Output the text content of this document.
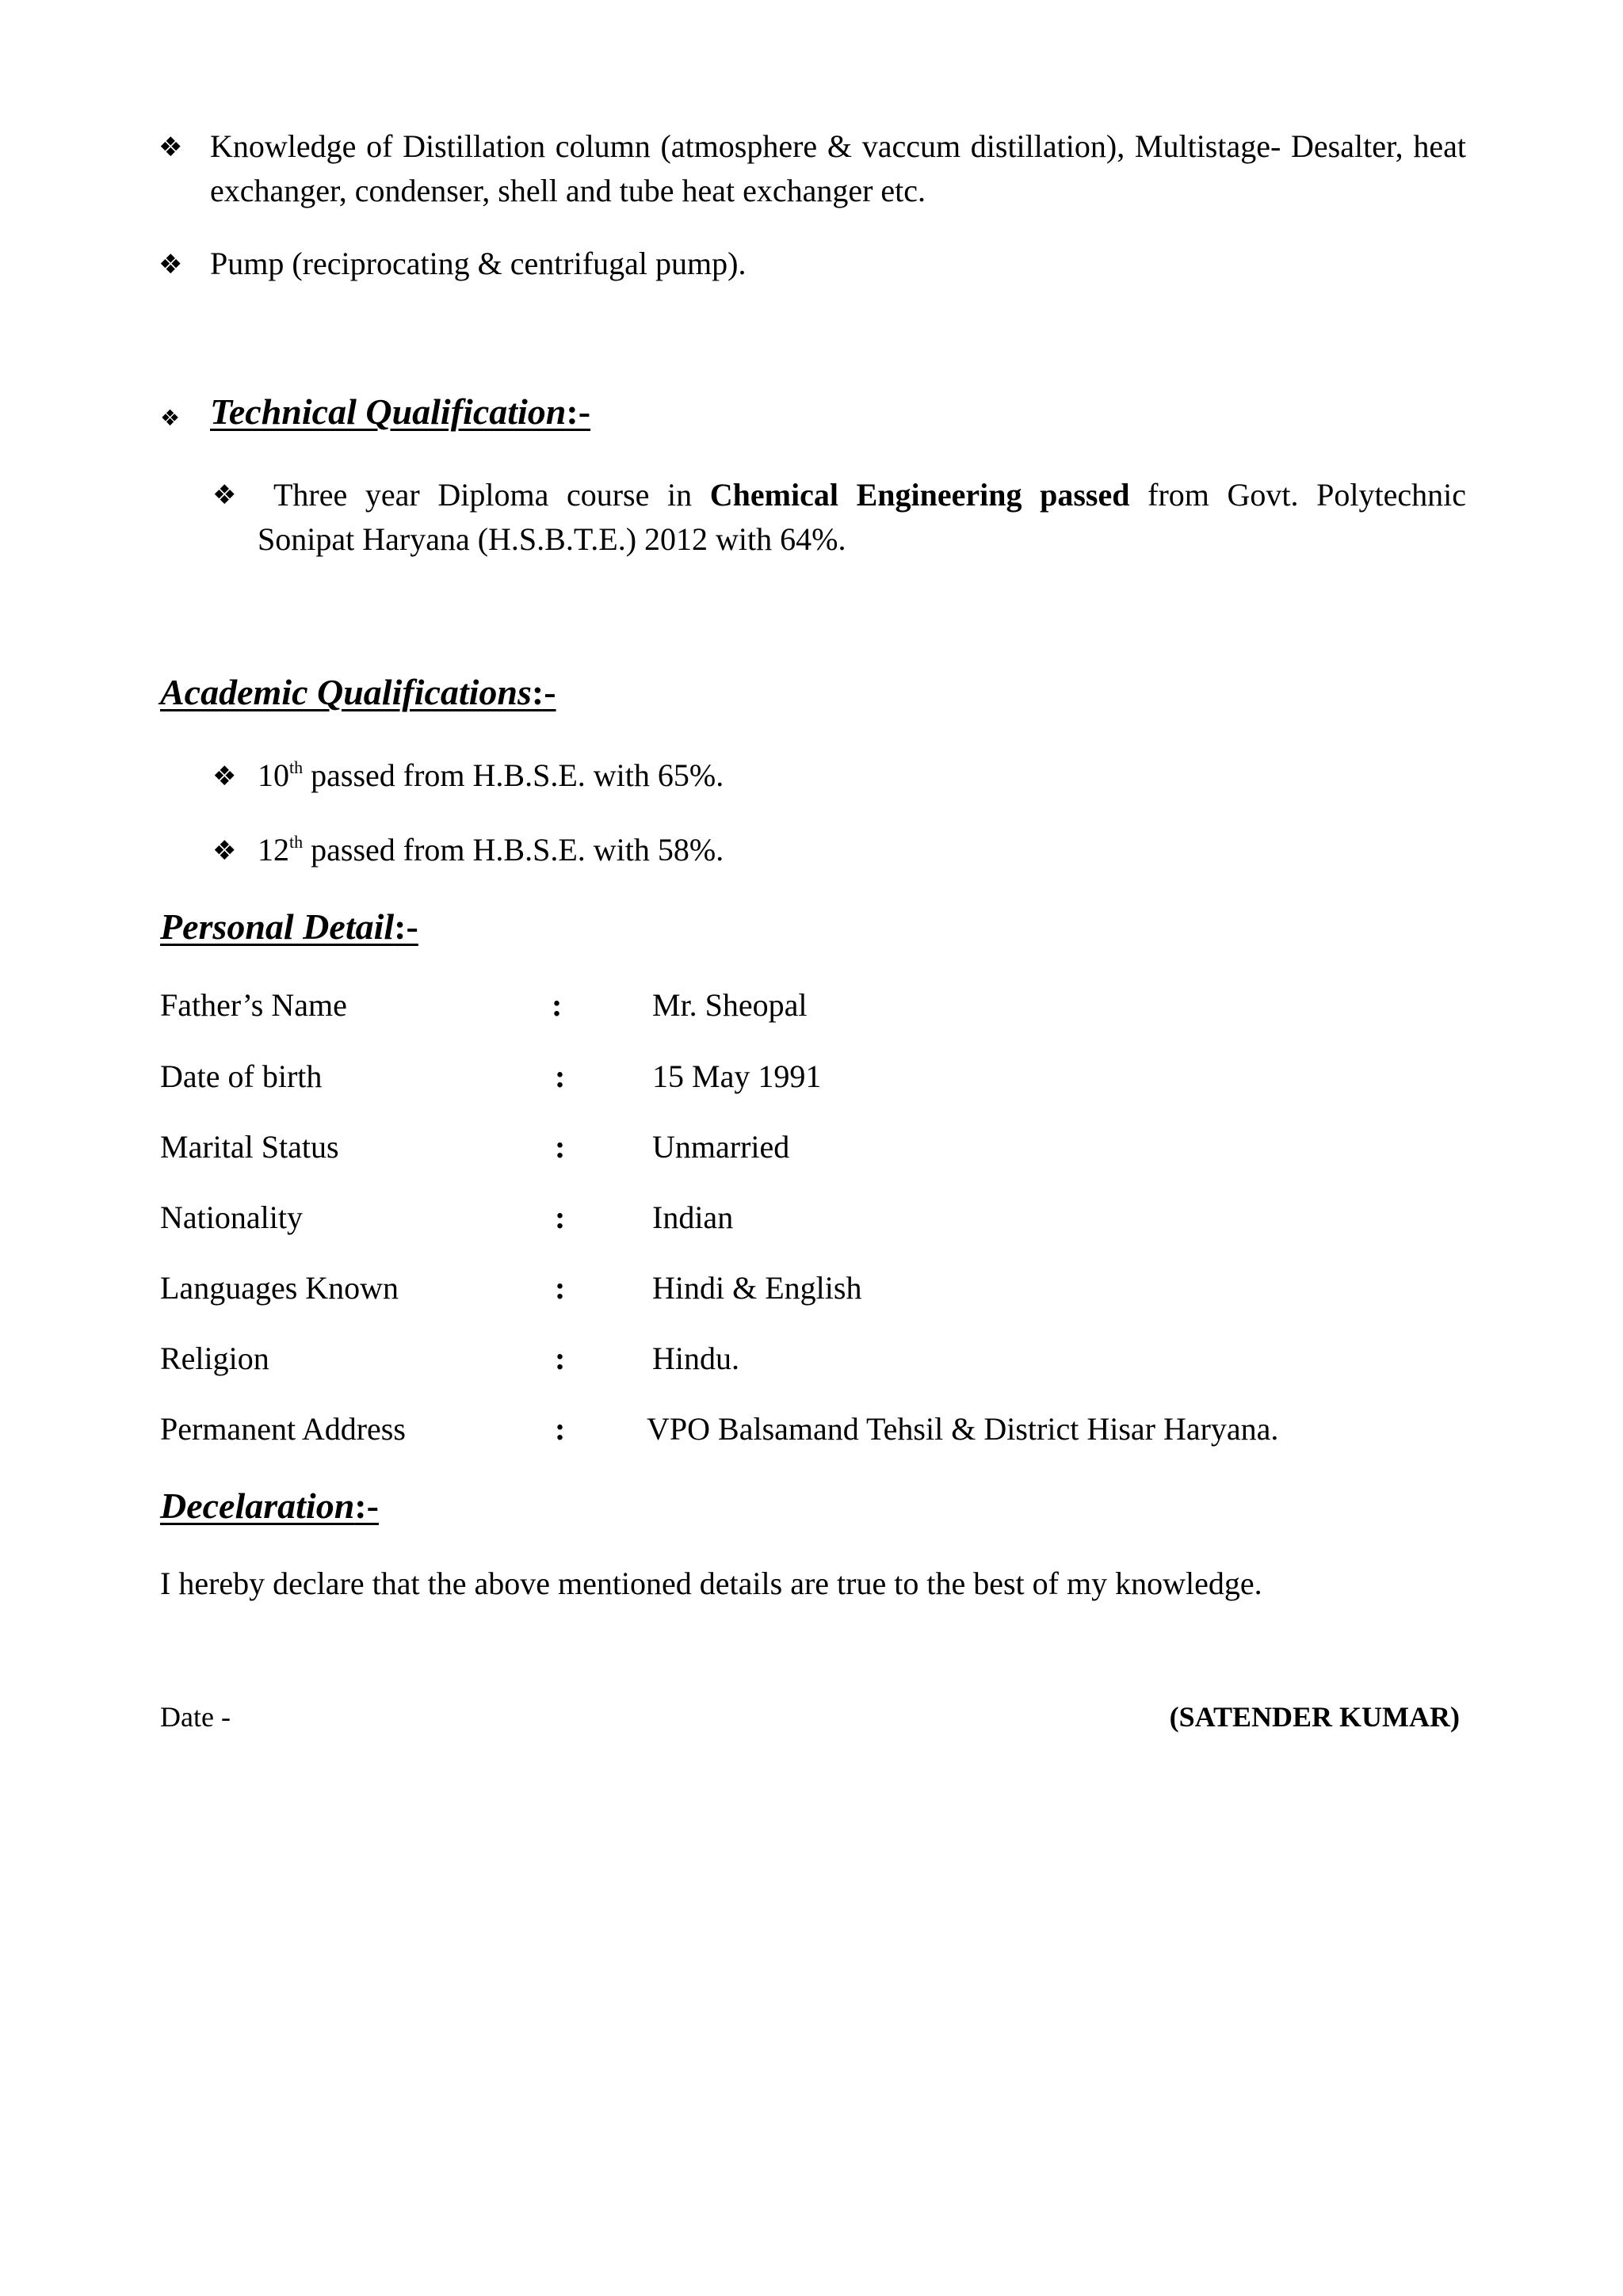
❖ Knowledge of Distillation column (atmosphere & vaccum distillation), Multistage- Desalter, heat exchanger, condenser, shell and tube heat exchanger etc.
❖ Pump (reciprocating & centrifugal pump).
❖ Technical Qualification:-
❖	Three year Diploma course in Chemical Engineering passed from Govt. Polytechnic Sonipat Haryana (H.S.B.T.E.) 2012 with 64%.
Academic Qualifications:-
❖ 10th passed from H.B.S.E. with 65%.
❖ 12th passed from H.B.S.E. with 58%.
Personal Detail:-
Father’s Name	:	Mr. Sheopal
Date of birth	:	15 May 1991
Marital Status	:	Unmarried
Nationality	:	Indian
Languages Known	:	Hindi & English
Religion	:	Hindu.
Permanent Address	:	VPO Balsamand Tehsil & District Hisar Haryana.
Decelaration:-
I hereby declare that the above mentioned details are true to the best of my knowledge.
Date -	(SATENDER KUMAR)
